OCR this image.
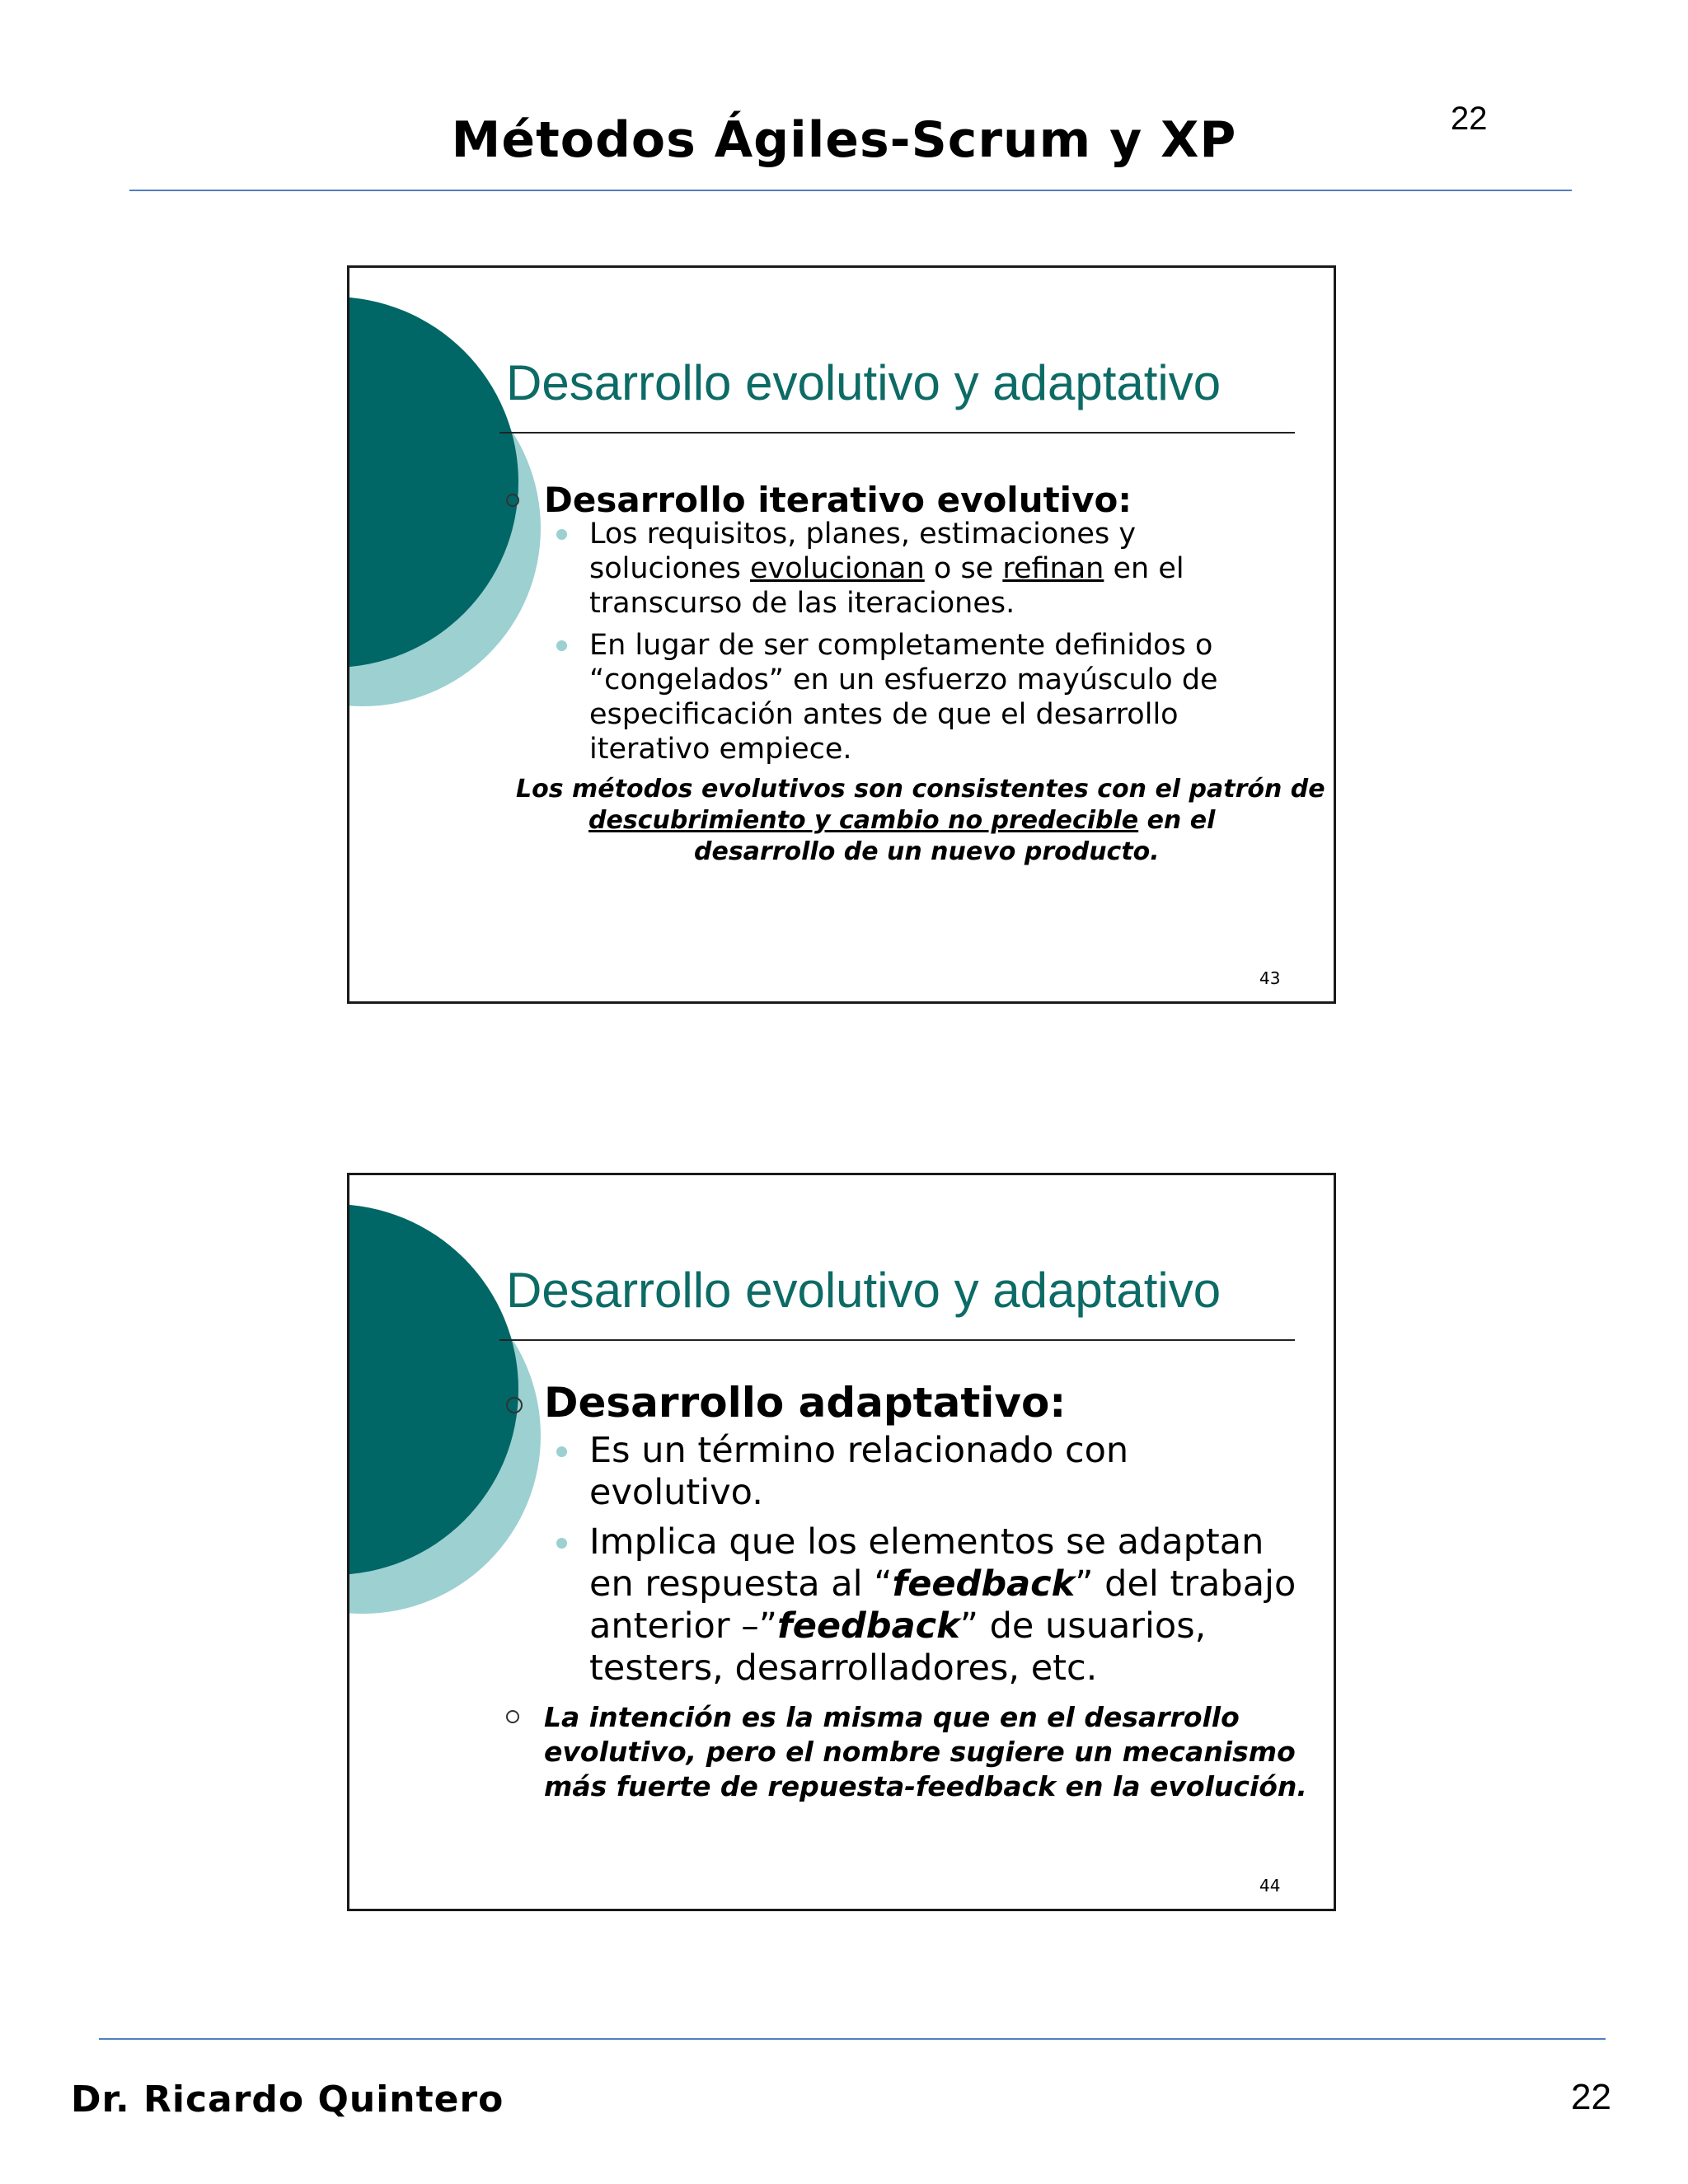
Métodos Ágiles-Scrum y XP	22
Desarrollo evolutivo y adaptativo
Desarrollo iterativo evolutivo:
Los requisitos, planes, estimaciones y
soluciones evolucionan o se refinan en el
transcurso de las iteraciones.
En lugar de ser completamente definidos o
“congelados” en un esfuerzo mayúsculo de
especificación antes de que el desarrollo
iterativo empiece.
Los métodos evolutivos son consistentes con el patrón de
descubrimiento y cambio no predecible en el
desarrollo de un nuevo producto.
43
Desarrollo evolutivo y adaptativo
Desarrollo adaptativo:
Es un término relacionado con
evolutivo.
Implica que los elementos se adaptan
en respuesta al “feedback” del trabajo
anterior –”feedback” de usuarios,
testers, desarrolladores, etc.
La intención es la misma que en el desarrollo
evolutivo, pero el nombre sugiere un mecanismo
más fuerte de repuesta-feedback en la evolución.
44
Dr. Ricardo Quintero	22
